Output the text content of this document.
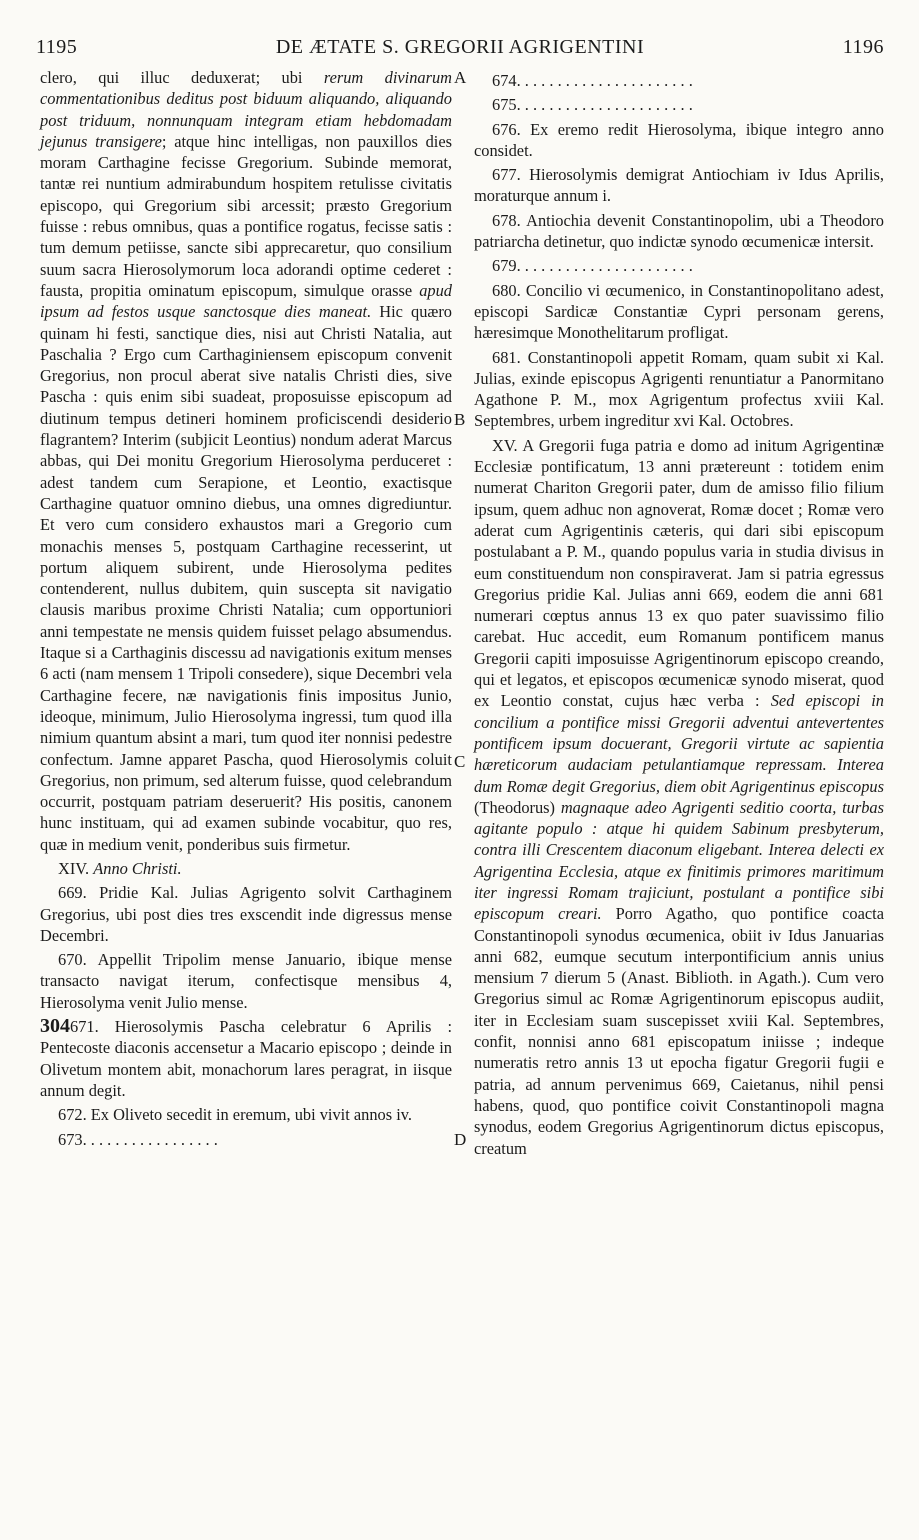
1195	DE ÆTATE S. GREGORII AGRIGENTINI	1196
A
B
C
D

clero, qui illuc deduxerat; ubi rerum divinarum commentationibus deditus post biduum aliquando, aliquando post triduum, nonnunquam integram etiam hebdomadam jejunus transigere; atque hinc intelligas, non pauxillos dies moram Carthagine fecisse Gregorium. Subinde memorat, tantæ rei nuntium admirabundum hospitem retulisse civitatis episcopo, qui Gregorium sibi arcessit; præsto Gregorium fuisse : rebus omnibus, quas a pontifice rogatus, fecisse satis : tum demum petiisse, sancte sibi apprecaretur, quo consilium suum sacra Hierosolymorum loca adorandi optime cederet : fausta, propitia ominatum episcopum, simulque orasse apud ipsum ad festos usque sanctosque dies maneat. Hic quæro quinam hi festi, sanctique dies, nisi aut Christi Natalia, aut Paschalia ? Ergo cum Carthaginiensem episcopum convenit Gregorius, non procul aberat sive natalis Christi dies, sive Pascha : quis enim sibi suadeat, proposuisse episcopum ad diutinum tempus detineri hominem proficiscendi desiderio flagrantem? Interim (subjicit Leontius) nondum aderat Marcus abbas, qui Dei monitu Gregorium Hierosolyma perduceret : adest tandem cum Serapione, et Leontio, exactisque Carthagine quatuor omnino diebus, una omnes digrediuntur. Et vero cum considero exhaustos mari a Gregorio cum monachis menses 5, postquam Carthagine recesserint, ut portum aliquem subirent, unde Hierosolyma pedites contenderent, nullus dubitem, quin suscepta sit navigatio clausis maribus proxime Christi Natalia; cum opportuniori anni tempestate ne mensis quidem fuisset pelago absumendus. Itaque si a Carthaginis discessu ad navigationis exitum menses 6 acti (nam mensem 1 Tripoli consedere), sique Decembri vela Carthagine fecere, næ navigationis finis impositus Junio, ideoque, minimum, Julio Hierosolyma ingressi, tum quod illa nimium quantum absint a mari, tum quod iter nonnisi pedestre confectum. Jamne apparet Pascha, quod Hierosolymis coluit Gregorius, non primum, sed alterum fuisse, quod celebrandum occurrit, postquam patriam deseruerit? His positis, canonem hunc instituam, qui ad examen subinde vocabitur, quo res, quæ in medium venit, ponderibus suis firmetur.

XIV. Anno Christi.

669. Pridie Kal. Julias Agrigento solvit Carthaginem Gregorius, ubi post dies tres exscendit inde digressus mense Decembri.

670. Appellit Tripolim mense Januario, ibique mense transacto navigat iterum, confectisque mensibus 4, Hierosolyma venit Julio mense.

304671. Hierosolymis Pascha celebratur 6 Aprilis : Pentecoste diaconis accensetur a Macario episcopo ; deinde in Olivetum montem abit, monachorum lares peragrat, in iisque annum degit.

672. Ex Oliveto secedit in eremum, ubi vivit annos iv.

673. . . . . . . . . . . . . . . . .

674. . . . . . . . . . . . . . . . . . . . . .

675. . . . . . . . . . . . . . . . . . . . . .

676. Ex eremo redit Hierosolyma, ibique integro anno considet.

677. Hierosolymis demigrat Antiochiam iv Idus Aprilis, moraturque annum i.

678. Antiochia devenit Constantinopolim, ubi a Theodoro patriarcha detinetur, quo indictæ synodo œcumenicæ intersit.

679. . . . . . . . . . . . . . . . . . . . . .

680. Concilio vi œcumenico, in Constantinopolitano adest, episcopi Sardicæ Constantiæ Cypri personam gerens, hæresimque Monothelitarum profligat.

681. Constantinopoli appetit Romam, quam subit xi Kal. Julias, exinde episcopus Agrigenti renuntiatur a Panormitano Agathone P. M., mox Agrigentum profectus xviii Kal. Septembres, urbem ingreditur xvi Kal. Octobres.

XV. A Gregorii fuga patria e domo ad initum Agrigentinæ Ecclesiæ pontificatum, 13 anni prætereunt : totidem enim numerat Chariton Gregorii pater, dum de amisso filio filium ipsum, quem adhuc non agnoverat, Romæ docet ; Romæ vero aderat cum Agrigentinis cæteris, qui dari sibi episcopum postulabant a P. M., quando populus varia in studia divisus in eum constituendum non conspiraverat. Jam si patria egressus Gregorius pridie Kal. Julias anni 669, eodem die anni 681 numerari cœptus annus 13 ex quo pater suavissimo filio carebat. Huc accedit, eum Romanum pontificem manus Gregorii capiti imposuisse Agrigentinorum episcopo creando, qui et legatos, et episcopos œcumenicæ synodo miserat, quod ex Leontio constat, cujus hæc verba : Sed episcopi in concilium a pontifice missi Gregorii adventui antevertentes pontificem ipsum docuerant, Gregorii virtute ac sapientia hæreticorum audaciam petulantiamque repressam. Interea dum Romæ degit Gregorius, diem obit Agrigentinus episcopus (Theodorus) magnaque adeo Agrigenti seditio coorta, turbas agitante populo : atque hi quidem Sabinum presbyterum, contra illi Crescentem diaconum eligebant. Interea delecti ex Agrigentina Ecclesia, atque ex finitimis primores maritimum iter ingressi Romam trajiciunt, postulant a pontifice sibi episcopum creari. Porro Agatho, quo pontifice coacta Constantinopoli synodus œcumenica, obiit iv Idus Januarias anni 682, eumque secutum interpontificium annis unius mensium 7 dierum 5 (Anast. Biblioth. in Agath.). Cum vero Gregorius simul ac Romæ Agrigentinorum episcopus audiit, iter in Ecclesiam suam suscepisset xviii Kal. Septembres, confit, nonnisi anno 681 episcopatum iniisse ; indeque numeratis retro annis 13 ut epocha figatur Gregorii fugii e patria, ad annum pervenimus 669, Caietanus, nihil pensi habens, quod, quo pontifice coivit Constantinopoli magna synodus, eodem Gregorius Agrigentinorum dictus episcopus, creatum
